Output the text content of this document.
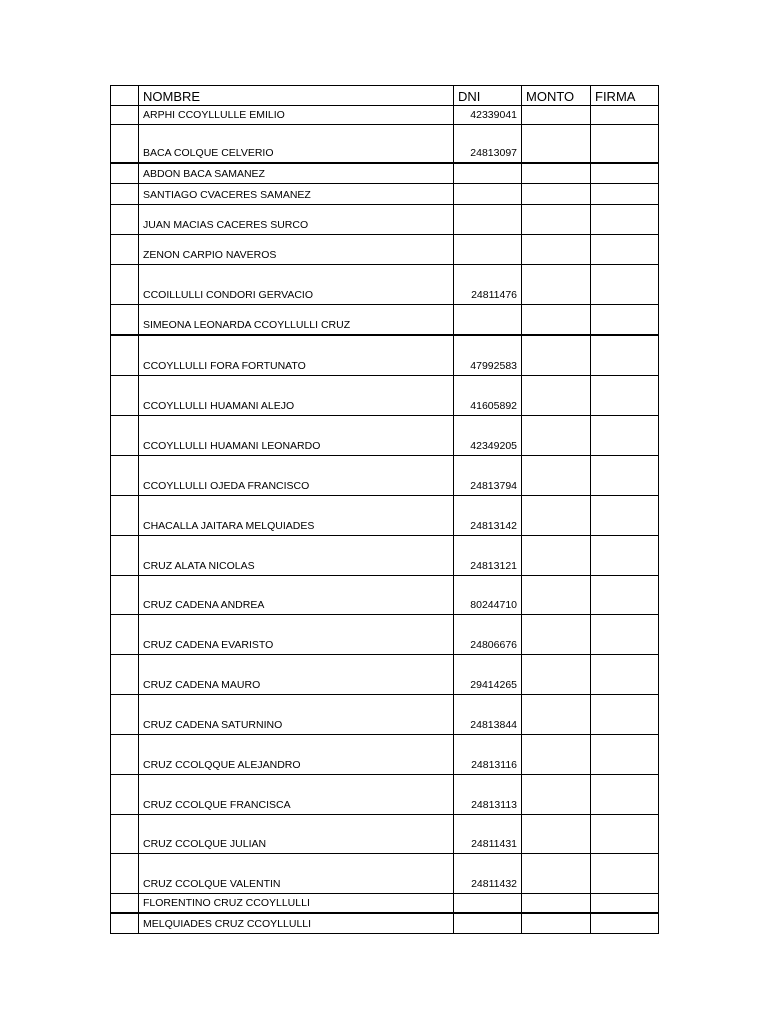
NOMBRE	DNI	MONTO	FIRMA
ARPHI CCOYLLULLE EMILIO	42339041
BACA COLQUE CELVERIO	24813097
ABDON BACA SAMANEZ
SANTIAGO CVACERES SAMANEZ
JUAN MACIAS CACERES SURCO
ZENON CARPIO NAVEROS
CCOILLULLI CONDORI GERVACIO	24811476
SIMEONA LEONARDA CCOYLLULLI CRUZ
CCOYLLULLI FORA FORTUNATO	47992583
CCOYLLULLI HUAMANI ALEJO	41605892
CCOYLLULLI HUAMANI LEONARDO	42349205
CCOYLLULLI OJEDA FRANCISCO	24813794
CHACALLA JAITARA MELQUIADES	24813142
CRUZ ALATA NICOLAS	24813121
CRUZ CADENA ANDREA	80244710
CRUZ CADENA EVARISTO	24806676
CRUZ CADENA MAURO	29414265
CRUZ CADENA SATURNINO	24813844
CRUZ CCOLQQUE ALEJANDRO	24813116
CRUZ CCOLQUE FRANCISCA	24813113
CRUZ CCOLQUE JULIAN	24811431
CRUZ CCOLQUE VALENTIN	24811432
FLORENTINO CRUZ CCOYLLULLI
MELQUIADES CRUZ CCOYLLULLI
